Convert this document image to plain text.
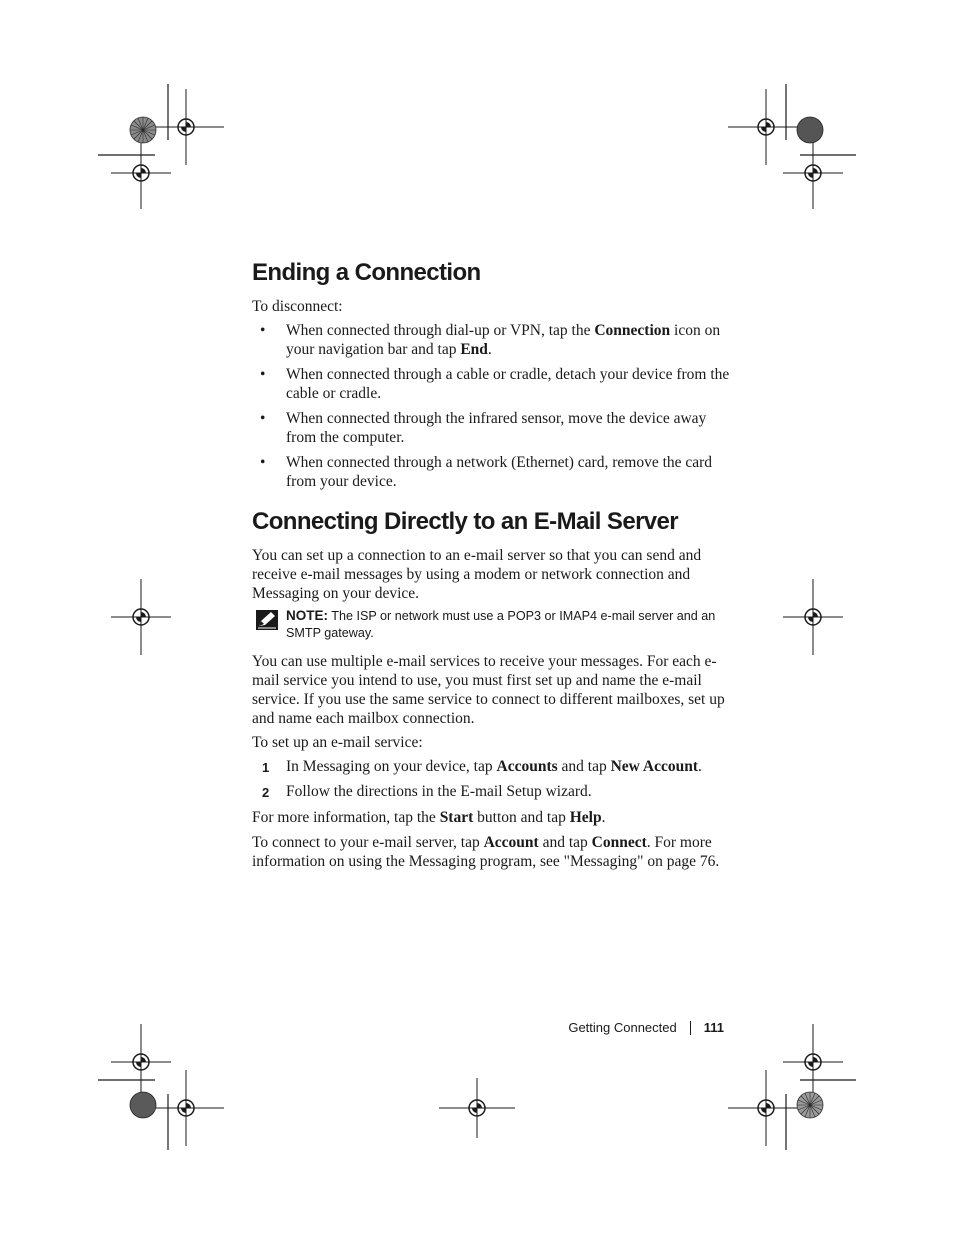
Ending a Connection

To disconnect:

• When connected through dial-up or VPN, tap the Connection icon on your navigation bar and tap End.
• When connected through a cable or cradle, detach your device from the cable or cradle.
• When connected through the infrared sensor, move the device away from the computer.
• When connected through a network (Ethernet) card, remove the card from your device.
Connecting Directly to an E-Mail Server

You can set up a connection to an e-mail server so that you can send and receive e-mail messages by using a modem or network connection and Messaging on your device.

NOTE: The ISP or network must use a POP3 or IMAP4 e-mail server and an SMTP gateway.

You can use multiple e-mail services to receive your messages. For each e-mail service you intend to use, you must first set up and name the e-mail service. If you use the same service to connect to different mailboxes, set up and name each mailbox connection.

To set up an e-mail service:

1 In Messaging on your device, tap Accounts and tap New Account.
2 Follow the directions in the E-mail Setup wizard.

For more information, tap the Start button and tap Help.

To connect to your e-mail server, tap Account and tap Connect. For more information on using the Messaging program, see "Messaging" on page 76.

Getting Connected 111
